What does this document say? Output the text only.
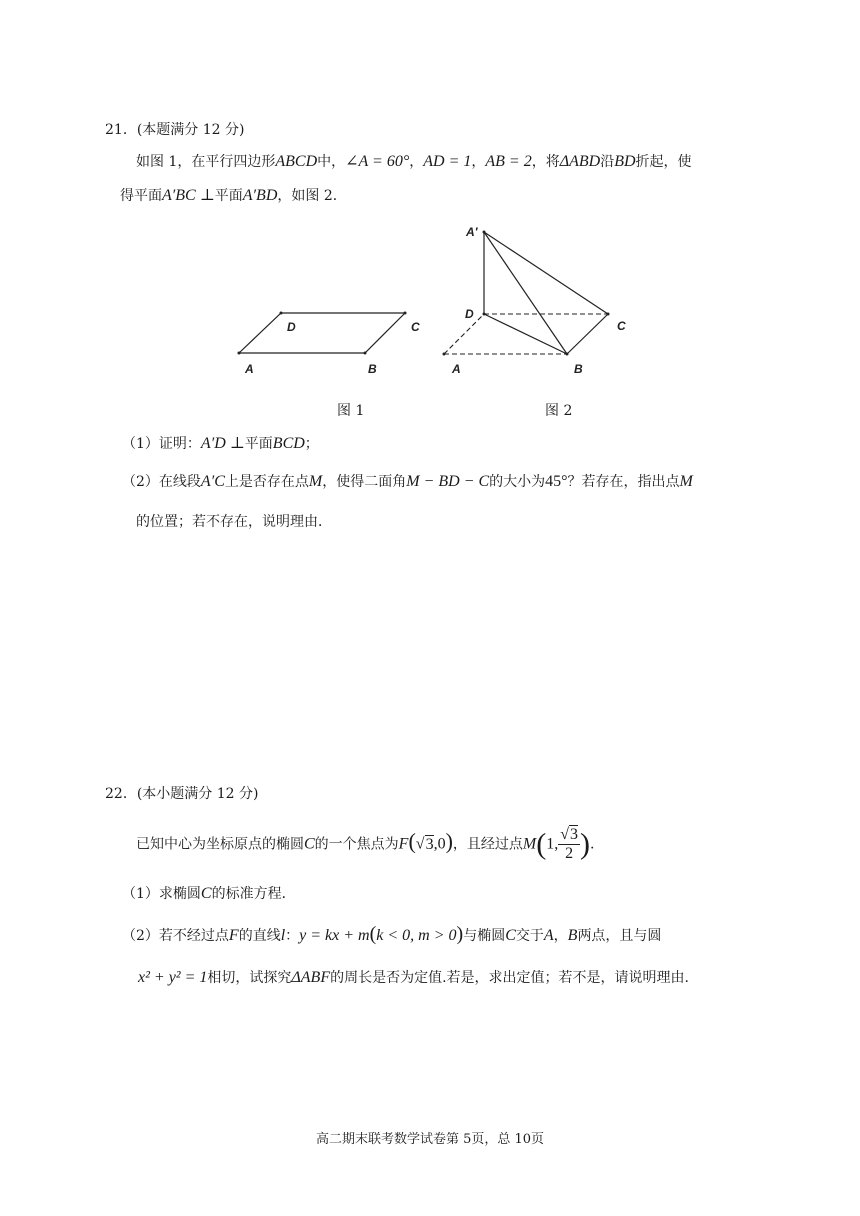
21．(本题满分 12 分)
如图 1，在平行四边形ABCD中，∠A = 60°，AD = 1，AB = 2，将ΔABD沿BD折起，使
得平面A′BC ⊥平面A′BD，如图 2．
D	C
A	B
A′
D
C
A	B
图 1	图 2
（1）证明：A′D ⊥平面BCD；
（2）在线段A′C上是否存在点M，使得二面角M − BD − C的大小为45°？若存在，指出点M
的位置；若不存在，说明理由．
22．(本小题满分 12 分)
已知中心为坐标原点的椭圆C的一个焦点为F(√3,0)，且经过点M(1, $\frac{√3}{2}$ ).
（1）求椭圆C的标准方程．
（2）若不经过点F的直线l：y = kx + m(k < 0, m > 0)与椭圆C交于A，B两点，且与圆
x² + y² = 1相切，试探究ΔABF的周长是否为定值.若是，求出定值；若不是，请说明理由.
高二期末联考数学试卷第 5页，总 10页
